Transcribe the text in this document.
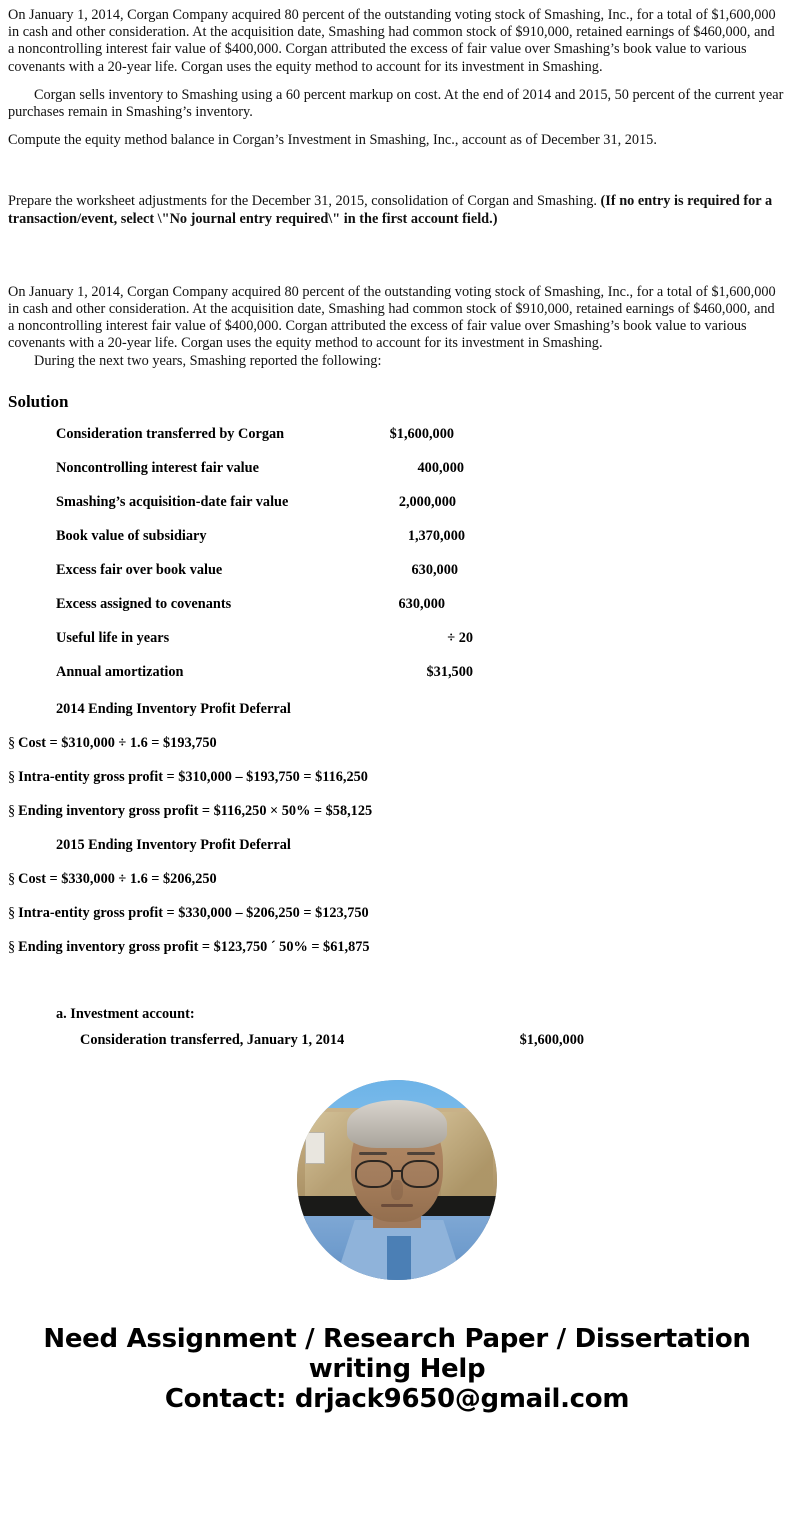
On January 1, 2014, Corgan Company acquired 80 percent of the outstanding voting stock of Smashing, Inc., for a total of $1,600,000 in cash and other consideration. At the acquisition date, Smashing had common stock of $910,000, retained earnings of $460,000, and a noncontrolling interest fair value of $400,000. Corgan attributed the excess of fair value over Smashing’s book value to various covenants with a 20-year life. Corgan uses the equity method to account for its investment in Smashing.

Corgan sells inventory to Smashing using a 60 percent markup on cost. At the end of 2014 and 2015, 50 percent of the current year purchases remain in Smashing’s inventory.

Compute the equity method balance in Corgan’s Investment in Smashing, Inc., account as of December 31, 2015.

Prepare the worksheet adjustments for the December 31, 2015, consolidation of Corgan and Smashing. (If no entry is required for a transaction/event, select \"No journal entry required\" in the first account field.)

On January 1, 2014, Corgan Company acquired 80 percent of the outstanding voting stock of Smashing, Inc., for a total of $1,600,000 in cash and other consideration. At the acquisition date, Smashing had common stock of $910,000, retained earnings of $460,000, and a noncontrolling interest fair value of $400,000. Corgan attributed the excess of fair value over Smashing’s book value to various covenants with a 20-year life. Corgan uses the equity method to account for its investment in Smashing.

During the next two years, Smashing reported the following:

Solution
Consideration transferred by Corgan	$1,600,000
Noncontrolling interest fair value	400,000
Smashing’s acquisition-date fair value	2,000,000
Book value of subsidiary	1,370,000
Excess fair over book value	630,000
Excess assigned to covenants	630,000
Useful life in years	÷ 20
Annual amortization	$31,500
2014 Ending Inventory Profit Deferral
§ Cost = $310,000 ÷ 1.6 = $193,750
§ Intra-entity gross profit = $310,000 – $193,750 = $116,250
§ Ending inventory gross profit = $116,250 × 50% = $58,125
2015 Ending Inventory Profit Deferral
§ Cost = $330,000 ÷ 1.6 = $206,250
§ Intra-entity gross profit = $330,000 – $206,250 = $123,750
§ Ending inventory gross profit = $123,750 ´ 50% = $61,875
a. Investment account:
Consideration transferred, January 1, 2014	$1,600,000
Need Assignment / Research Paper / Dissertation
writing Help
Contact: drjack9650@gmail.com
